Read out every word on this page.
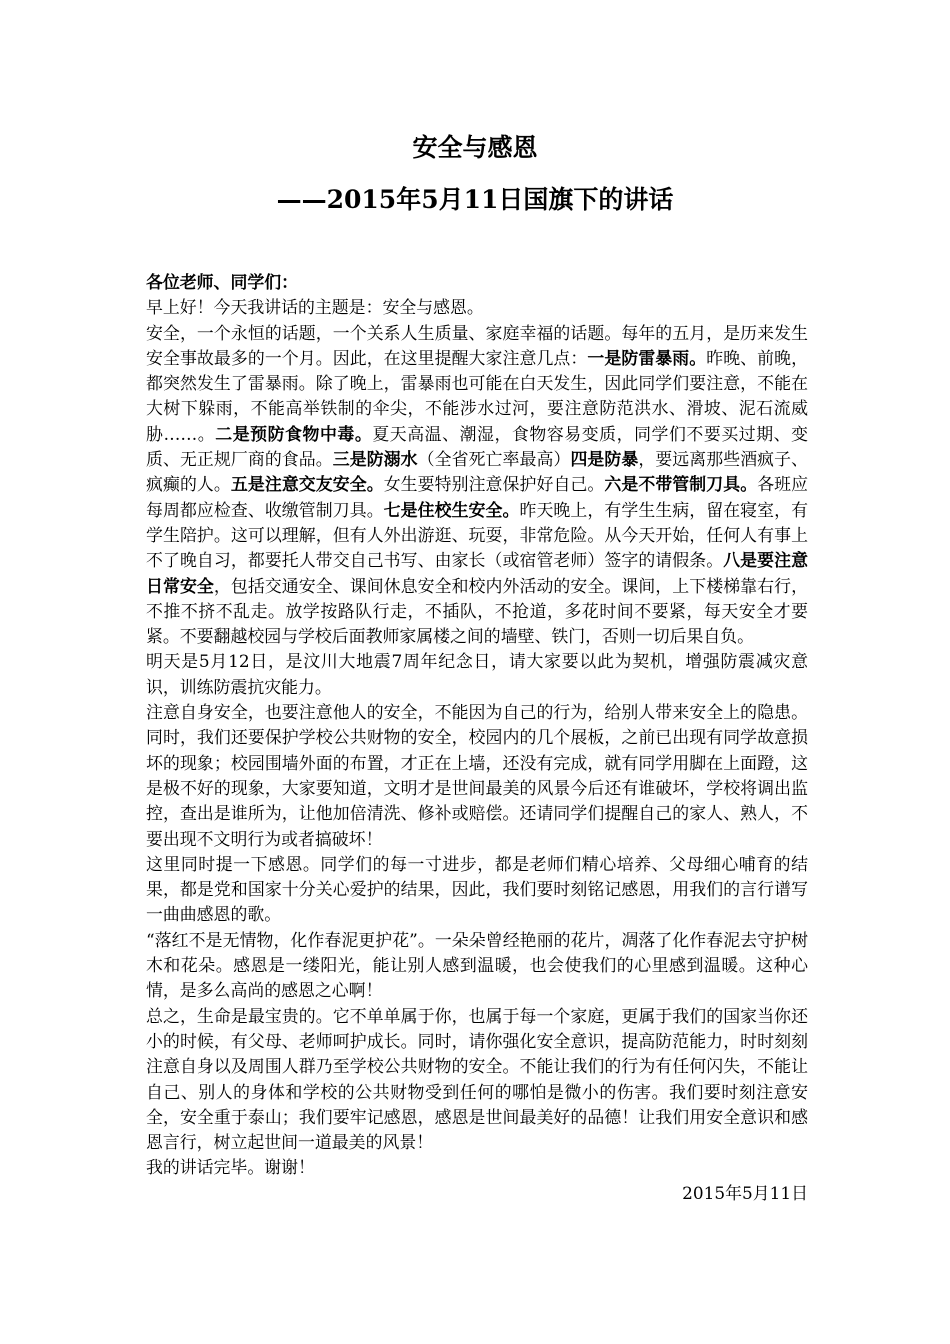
安全与感恩
——2015年5月11日国旗下的讲话

各位老师、同学们：

早上好！今天我讲话的主题是：安全与感恩。

安全，一个永恒的话题，一个关系人生质量、家庭幸福的话题。每年的五月，是历来发生安全事故最多的一个月。因此，在这里提醒大家注意几点：一是防雷暴雨。昨晚、前晚，都突然发生了雷暴雨。除了晚上，雷暴雨也可能在白天发生，因此同学们要注意，不能在大树下躲雨，不能高举铁制的伞尖，不能涉水过河，要注意防范洪水、滑坡、泥石流威胁……。二是预防食物中毒。夏天高温、潮湿，食物容易变质，同学们不要买过期、变质、无正规厂商的食品。三是防溺水（全省死亡率最高）四是防暴，要远离那些酒疯子、疯癫的人。五是注意交友安全。女生要特别注意保护好自己。六是不带管制刀具。各班应每周都应检查、收缴管制刀具。七是住校生安全。昨天晚上，有学生生病，留在寝室，有学生陪护。这可以理解，但有人外出游逛、玩耍，非常危险。从今天开始，任何人有事上不了晚自习，都要托人带交自己书写、由家长（或宿管老师）签字的请假条。八是要注意日常安全，包括交通安全、课间休息安全和校内外活动的安全。课间，上下楼梯靠右行，不推不挤不乱走。放学按路队行走，不插队，不抢道，多花时间不要紧，每天安全才要紧。不要翻越校园与学校后面教师家属楼之间的墙壁、铁门，否则一切后果自负。

明天是5月12日，是汶川大地震7周年纪念日，请大家要以此为契机，增强防震减灾意识，训练防震抗灾能力。

注意自身安全，也要注意他人的安全，不能因为自己的行为，给别人带来安全上的隐患。同时，我们还要保护学校公共财物的安全，校园内的几个展板，之前已出现有同学故意损坏的现象；校园围墙外面的布置，才正在上墙，还没有完成，就有同学用脚在上面蹬，这是极不好的现象，大家要知道，文明才是世间最美的风景今后还有谁破坏，学校将调出监控，查出是谁所为，让他加倍清洗、修补或赔偿。还请同学们提醒自己的家人、熟人，不要出现不文明行为或者搞破坏！

这里同时提一下感恩。同学们的每一寸进步，都是老师们精心培养、父母细心哺育的结果，都是党和国家十分关心爱护的结果，因此，我们要时刻铭记感恩，用我们的言行谱写一曲曲感恩的歌。

“落红不是无情物，化作春泥更护花”。一朵朵曾经艳丽的花片，凋落了化作春泥去守护树木和花朵。感恩是一缕阳光，能让别人感到温暖，也会使我们的心里感到温暖。这种心情，是多么高尚的感恩之心啊！

总之，生命是最宝贵的。它不单单属于你，也属于每一个家庭，更属于我们的国家当你还小的时候，有父母、老师呵护成长。同时，请你强化安全意识，提高防范能力，时时刻刻注意自身以及周围人群乃至学校公共财物的安全。不能让我们的行为有任何闪失，不能让自己、别人的身体和学校的公共财物受到任何的哪怕是微小的伤害。我们要时刻注意安全，安全重于泰山；我们要牢记感恩，感恩是世间最美好的品德！让我们用安全意识和感恩言行，树立起世间一道最美的风景！

我的讲话完毕。谢谢！

2015年5月11日
